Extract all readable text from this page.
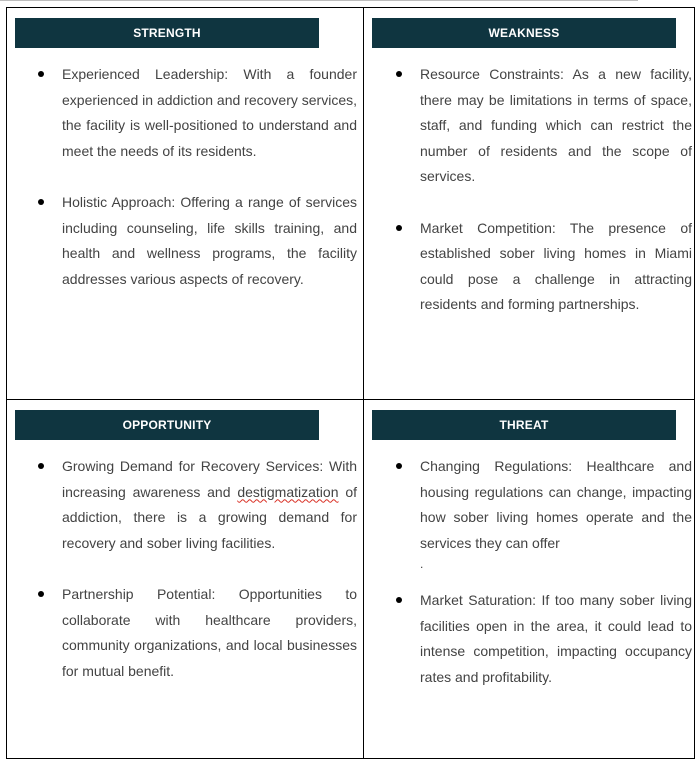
STRENGTH
Experienced Leadership: With a founder experienced in addiction and recovery services, the facility is well-positioned to understand and meet the needs of its residents.
Holistic Approach: Offering a range of services including counseling, life skills training, and health and wellness programs, the facility addresses various aspects of recovery.
WEAKNESS
Resource Constraints: As a new facility, there may be limitations in terms of space, staff, and funding which can restrict the number of residents and the scope of services.
Market Competition: The presence of established sober living homes in Miami could pose a challenge in attracting residents and forming partnerships.
OPPORTUNITY
Growing Demand for Recovery Services: With increasing awareness and destigmatization of addiction, there is a growing demand for recovery and sober living facilities.
Partnership Potential: Opportunities to collaborate with healthcare providers, community organizations, and local businesses for mutual benefit.
THREAT
Changing Regulations: Healthcare and housing regulations can change, impacting how sober living homes operate and the services they can offer
.
Market Saturation: If too many sober living facilities open in the area, it could lead to intense competition, impacting occupancy rates and profitability.
